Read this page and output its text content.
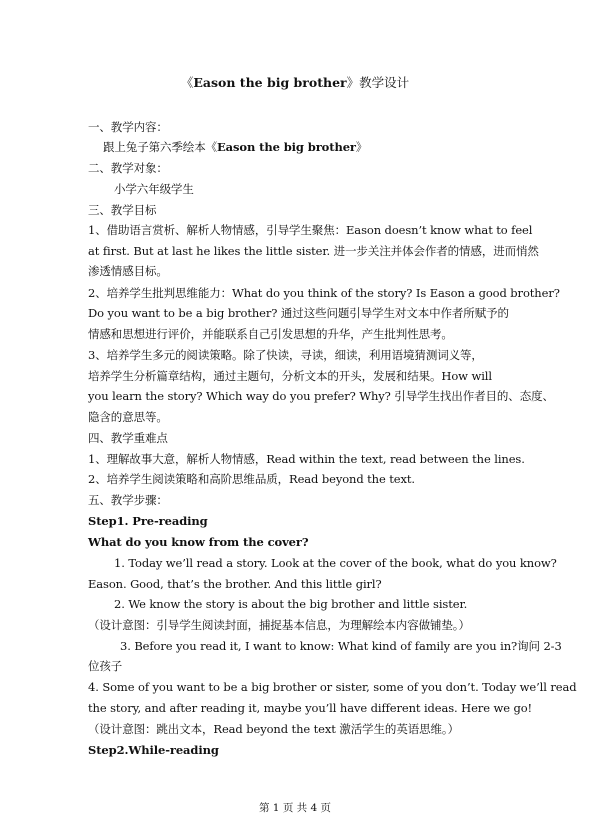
《Eason the big brother》教学设计
一、教学内容：
跟上兔子第六季绘本《Eason the big brother》
二、教学对象：
小学六年级学生
三、教学目标
1、借助语言赏析、解析人物情感，引导学生聚焦：Eason doesn’t know what to feel
at first. But at last he likes the little sister. 进一步关注并体会作者的情感，进而悄然
渗透情感目标。
2、培养学生批判思维能力：What do you think of the story? Is Eason a good brother?
Do you want to be a big brother? 通过这些问题引导学生对文本中作者所赋予的
情感和思想进行评价，并能联系自己引发思想的升华，产生批判性思考。
3、培养学生多元的阅读策略。除了快读，寻读，细读，利用语境猜测词义等，
培养学生分析篇章结构，通过主题句，分析文本的开头，发展和结果。How will
you learn the story? Which way do you prefer? Why? 引导学生找出作者目的、态度、
隐含的意思等。
四、教学重难点
1、理解故事大意，解析人物情感，Read within the text, read between the lines.
2、培养学生阅读策略和高阶思维品质，Read beyond the text.
五、教学步骤：
Step1. Pre-reading
What do you know from the cover?
1. Today we’ll read a story. Look at the cover of the book, what do you know?
Eason. Good, that’s the brother. And this little girl?
2. We know the story is about the big brother and little sister.
（设计意图：引导学生阅读封面，捕捉基本信息，为理解绘本内容做铺垫。）
3. Before you read it, I want to know: What kind of family are you in?询问 2-3
位孩子
4. Some of you want to be a big brother or sister, some of you don’t. Today we’ll read
the story, and after reading it, maybe you’ll have different ideas. Here we go!
（设计意图：跳出文本，Read beyond the text 激活学生的英语思维。）
Step2.While-reading
第 1 页 共 4 页
